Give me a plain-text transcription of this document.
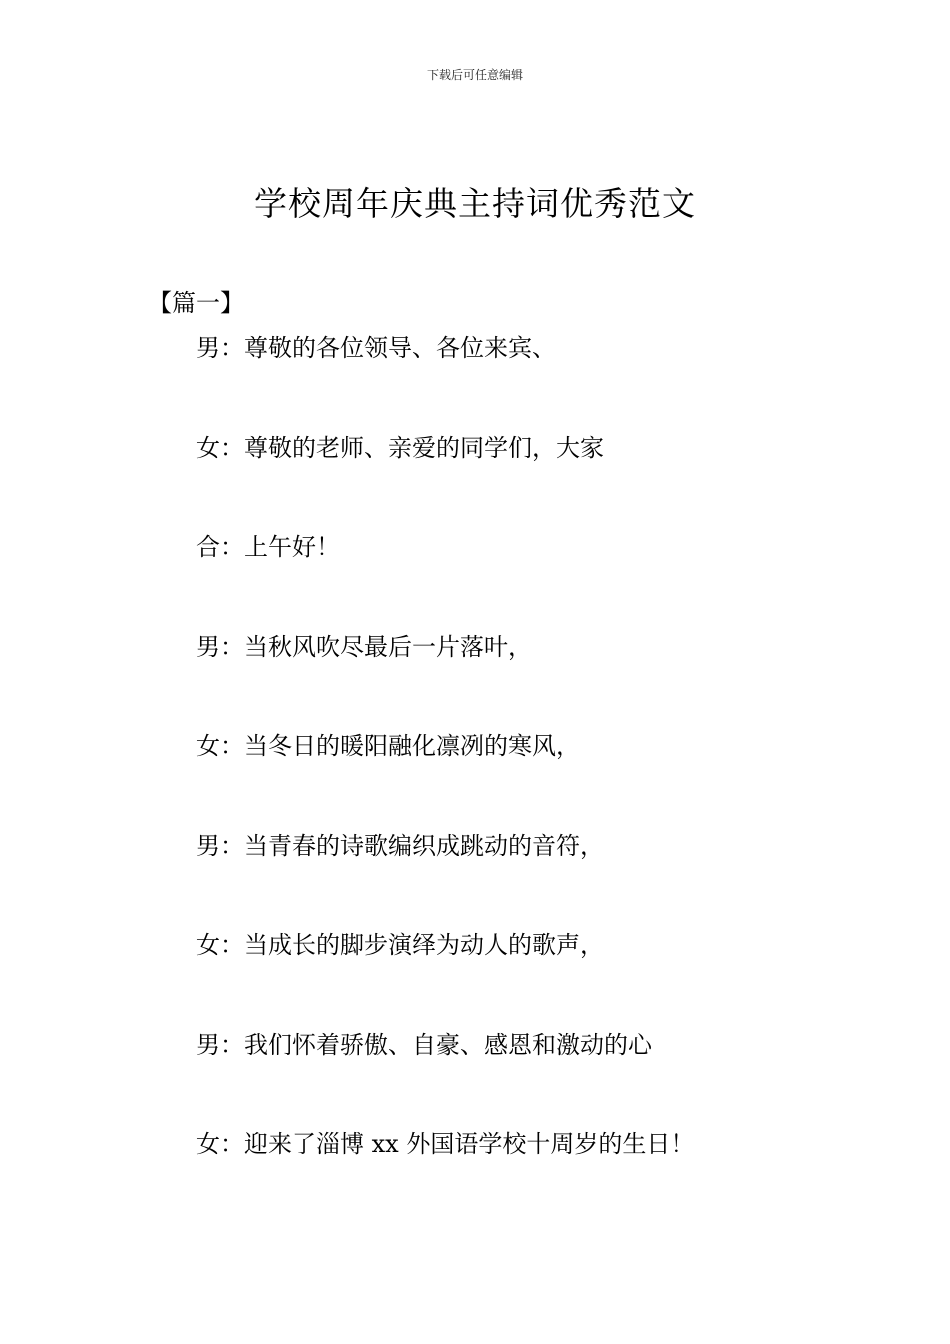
下载后可任意编辑
学校周年庆典主持词优秀范文
【篇一】
男：尊敬的各位领导、各位来宾、
女：尊敬的老师、亲爱的同学们，大家
合：上午好！
男：当秋风吹尽最后一片落叶，
女：当冬日的暖阳融化凛冽的寒风，
男：当青春的诗歌编织成跳动的音符，
女：当成长的脚步演绎为动人的歌声，
男：我们怀着骄傲、自豪、感恩和激动的心
女：迎来了淄博 xx 外国语学校十周岁的生日！
